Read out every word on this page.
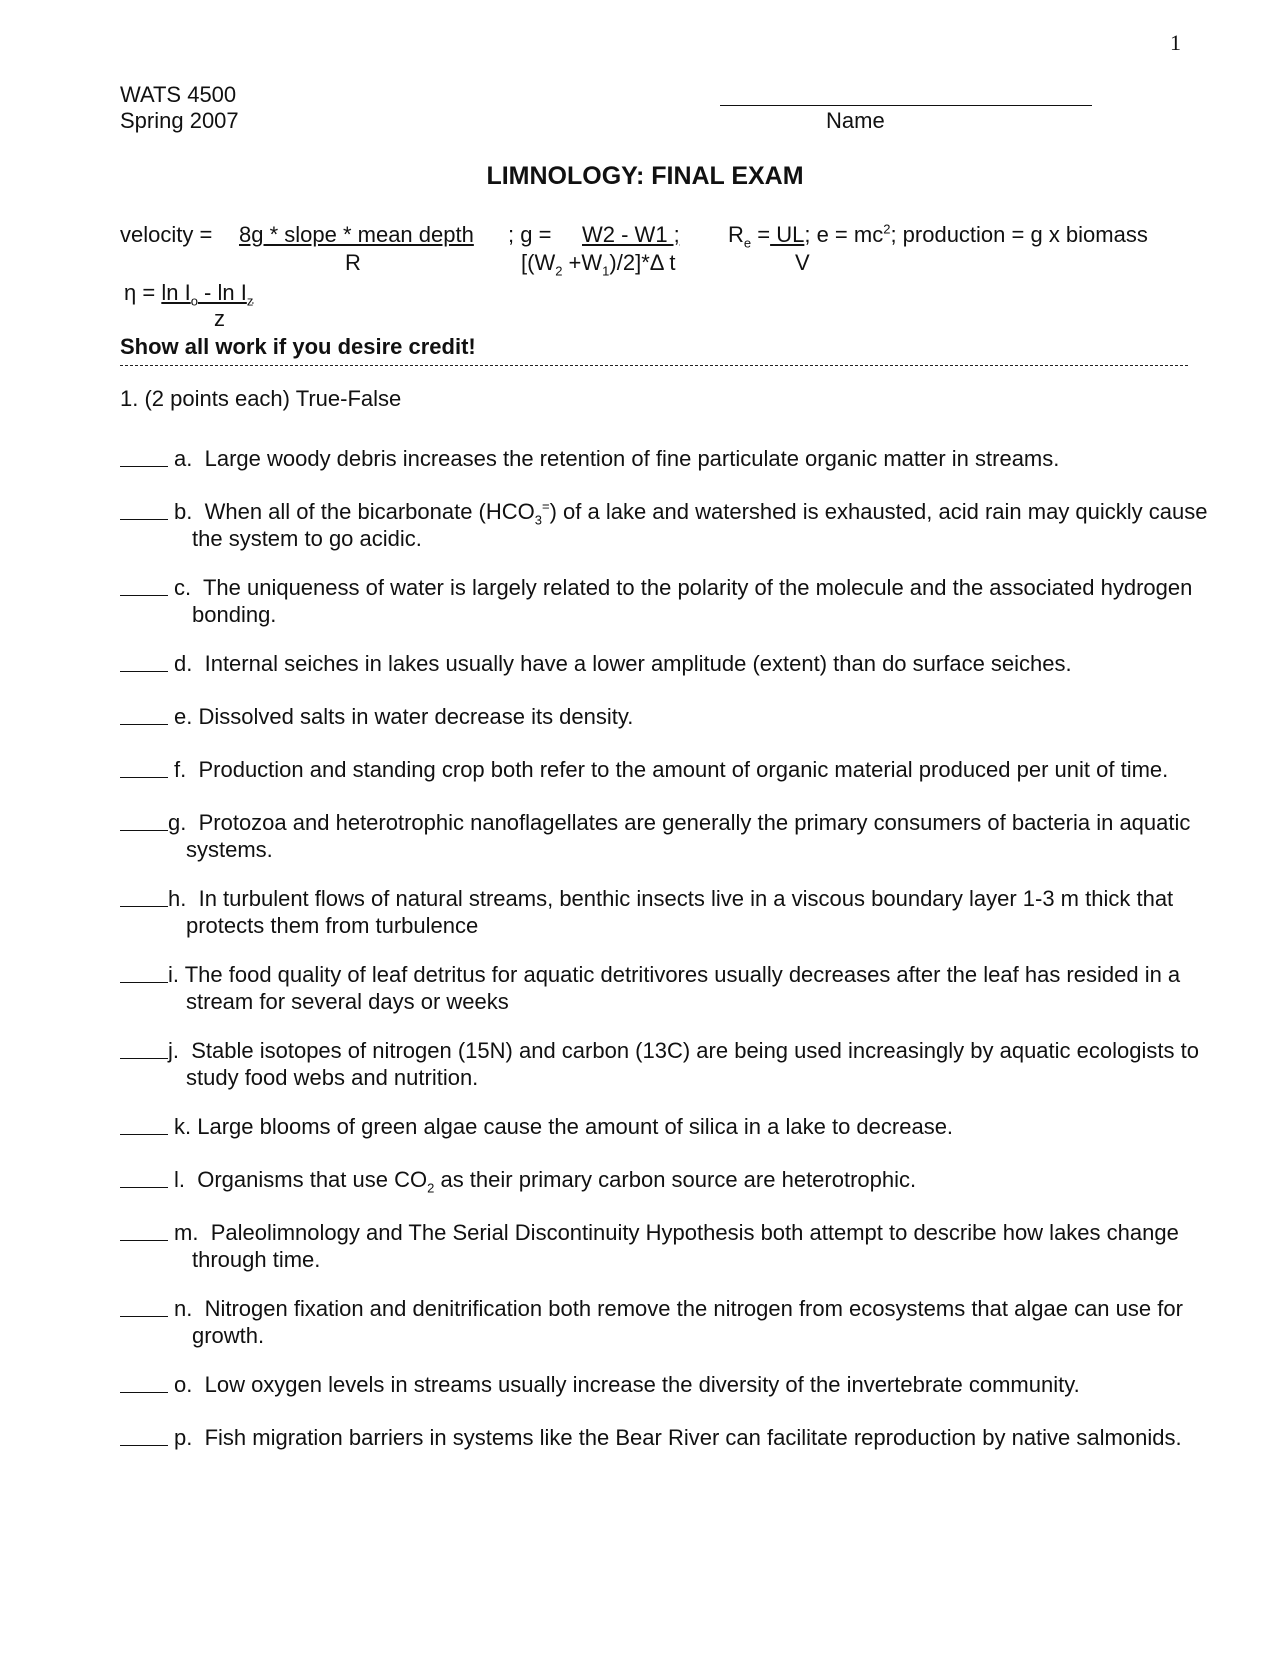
1
WATS 4500
Spring 2007	Name
LIMNOLOGY: FINAL EXAM
velocity = 8g * slope * mean depth
R
; g = W2 - W1 ;
$[(W_2 +W_1)/2]*\Delta$ t
$R_e$ = UL; $e = mc^2$; production = g x biomass
V
$\eta = \ln I_o - \ln I_z$
z
Show all work if you desire credit!
1. (2 points each) True-False
a. Large woody debris increases the retention of fine particulate organic matter in streams.
b. When all of the bicarbonate $(HCO_3^=)$ of a lake and watershed is exhausted, acid rain may quickly cause
the system to go acidic.
c. The uniqueness of water is largely related to the polarity of the molecule and the associated hydrogen
bonding.
d. Internal seiches in lakes usually have a lower amplitude (extent) than do surface seiches.
e. Dissolved salts in water decrease its density.
f. Production and standing crop both refer to the amount of organic material produced per unit of time.
g. Protozoa and heterotrophic nanoflagellates are generally the primary consumers of bacteria in aquatic
systems.
h. In turbulent flows of natural streams, benthic insects live in a viscous boundary layer 1-3 m thick that
protects them from turbulence
i. The food quality of leaf detritus for aquatic detritivores usually decreases after the leaf has resided in a
stream for several days or weeks
j. Stable isotopes of nitrogen (15N) and carbon (13C) are being used increasingly by aquatic ecologists to
study food webs and nutrition.
k. Large blooms of green algae cause the amount of silica in a lake to decrease.
l. Organisms that use $CO_2$ as their primary carbon source are heterotrophic.
m. Paleolimnology and The Serial Discontinuity Hypothesis both attempt to describe how lakes change
through time.
n. Nitrogen fixation and denitrification both remove the nitrogen from ecosystems that algae can use for
growth.
o. Low oxygen levels in streams usually increase the diversity of the invertebrate community.
p. Fish migration barriers in systems like the Bear River can facilitate reproduction by native salmonids.
